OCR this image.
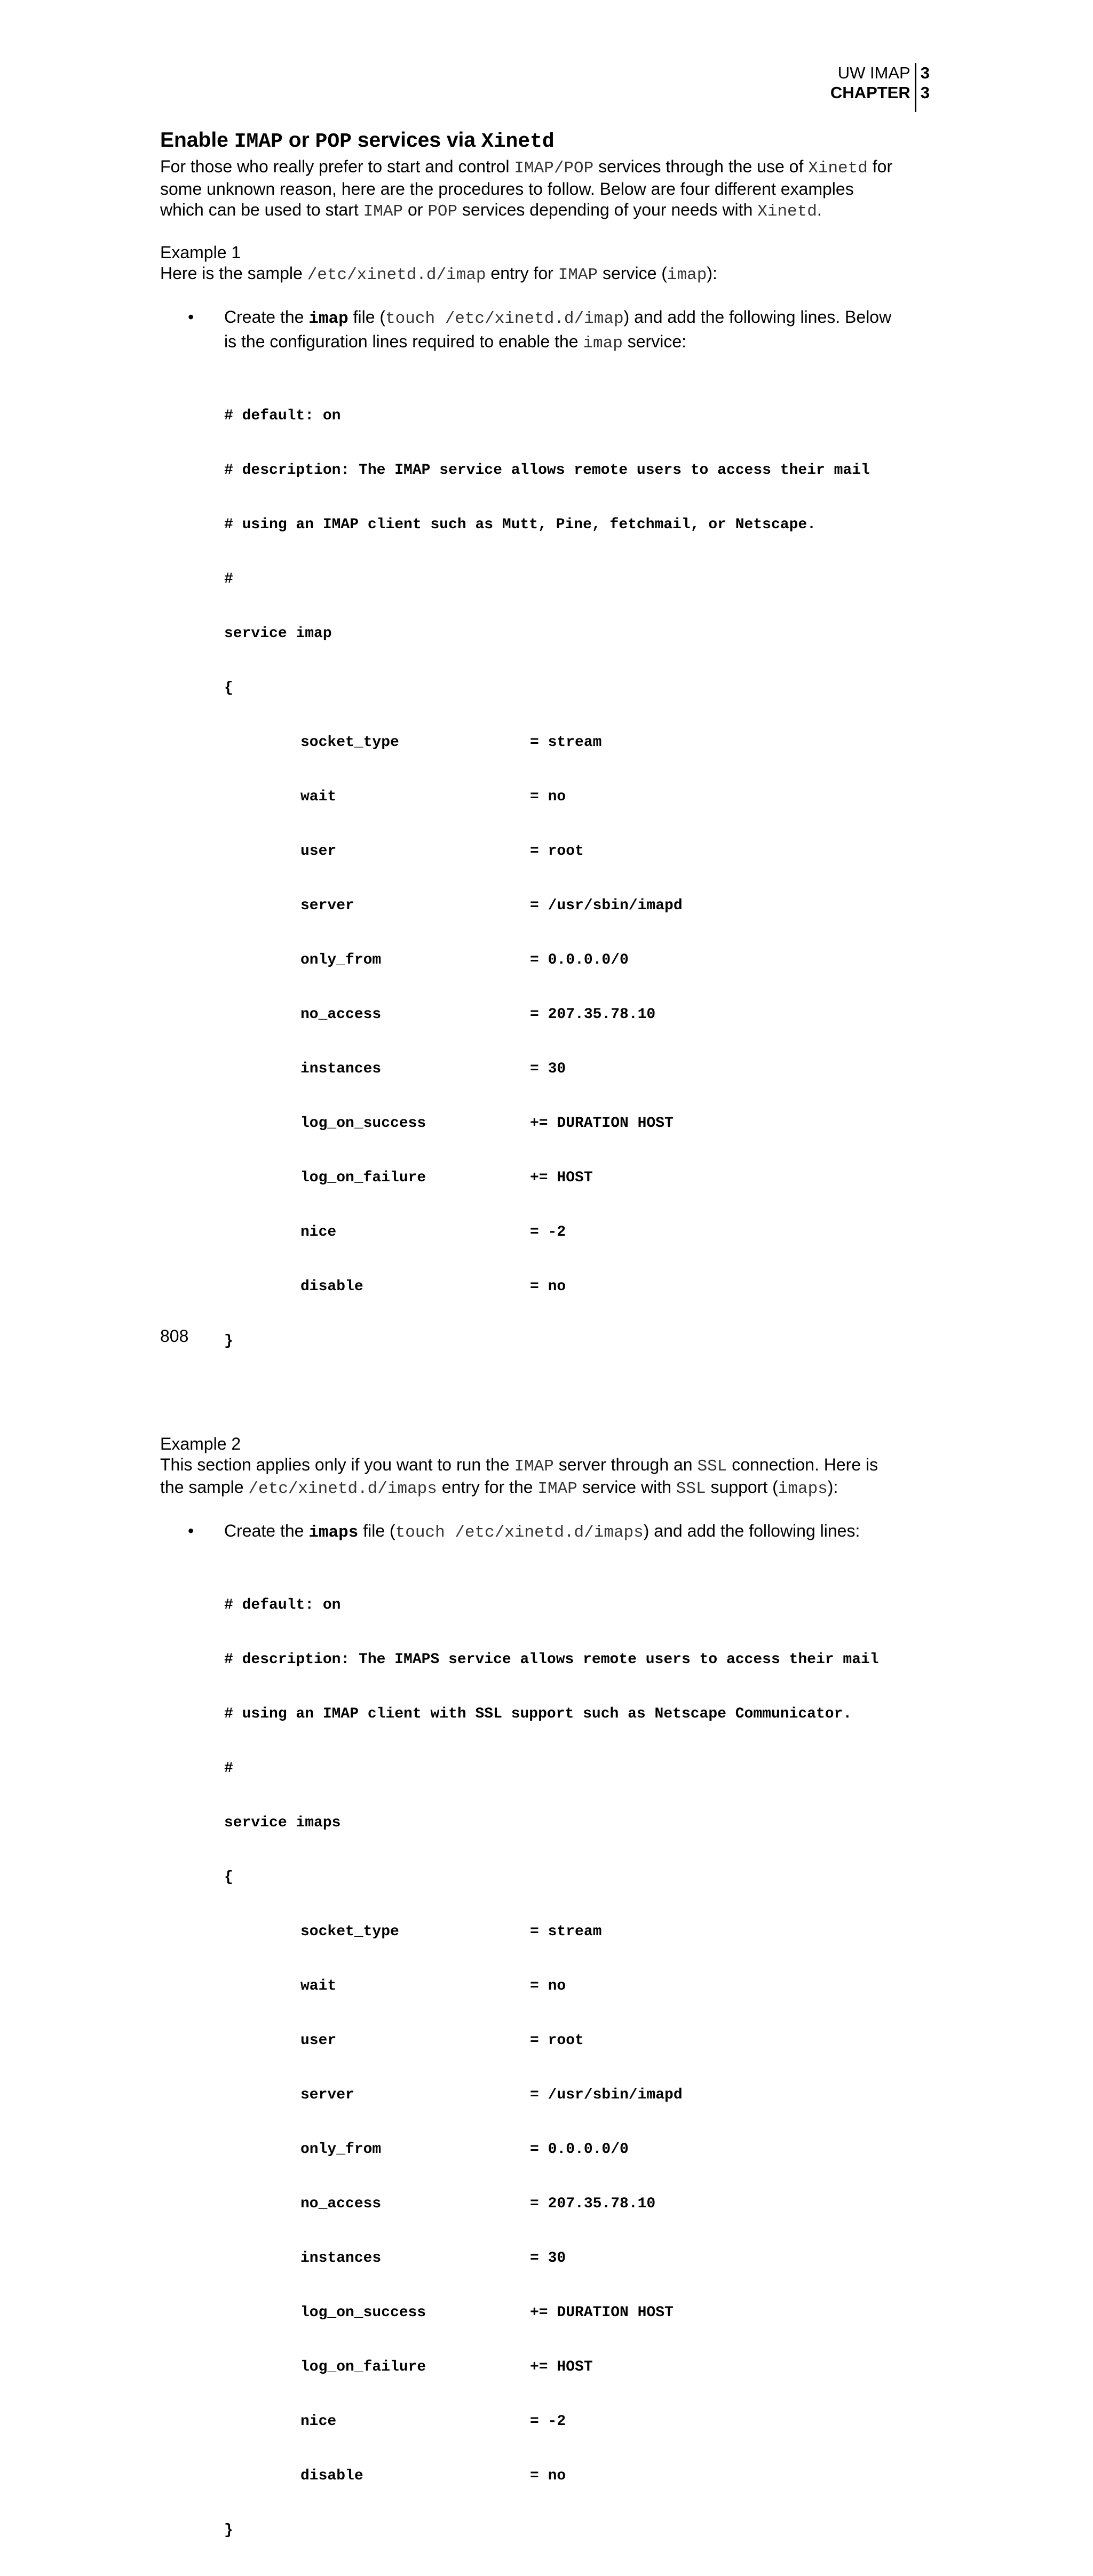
UW IMAP
CHAPTER
3
3
Enable IMAP or POP services via Xinetd

For those who really prefer to start and control IMAP/POP services through the use of Xinetd for
some unknown reason, here are the procedures to follow. Below are four different examples
which can be used to start IMAP or POP services depending of your needs with Xinetd.

Example 1

Here is the sample /etc/xinetd.d/imap entry for IMAP service (imap):

•	Create the imap file (touch /etc/xinetd.d/imap) and add the following lines. Below
is the configuration lines required to enable the imap service:

# default: on

# description: The IMAP service allows remote users to access their mail

# using an IMAP client such as Mutt, Pine, fetchmail, or Netscape.

#

service imap

{

socket_type	= stream

wait	= no

user	= root

server	= /usr/sbin/imapd

only_from	= 0.0.0.0/0

no_access	= 207.35.78.10

instances	= 30

log_on_success	+= DURATION HOST

log_on_failure	+= HOST

nice	= -2

disable	= no

}

Example 2

This section applies only if you want to run the IMAP server through an SSL connection. Here is
the sample /etc/xinetd.d/imaps entry for the IMAP service with SSL support (imaps):

•	Create the imaps file (touch /etc/xinetd.d/imaps) and add the following lines:

# default: on

# description: The IMAPS service allows remote users to access their mail

# using an IMAP client with SSL support such as Netscape Communicator.

#

service imaps

{

socket_type	= stream

wait	= no

user	= root

server	= /usr/sbin/imapd

only_from	= 0.0.0.0/0

no_access	= 207.35.78.10

instances	= 30

log_on_success	+= DURATION HOST

log_on_failure	+= HOST

nice	= -2

disable	= no

}

808
